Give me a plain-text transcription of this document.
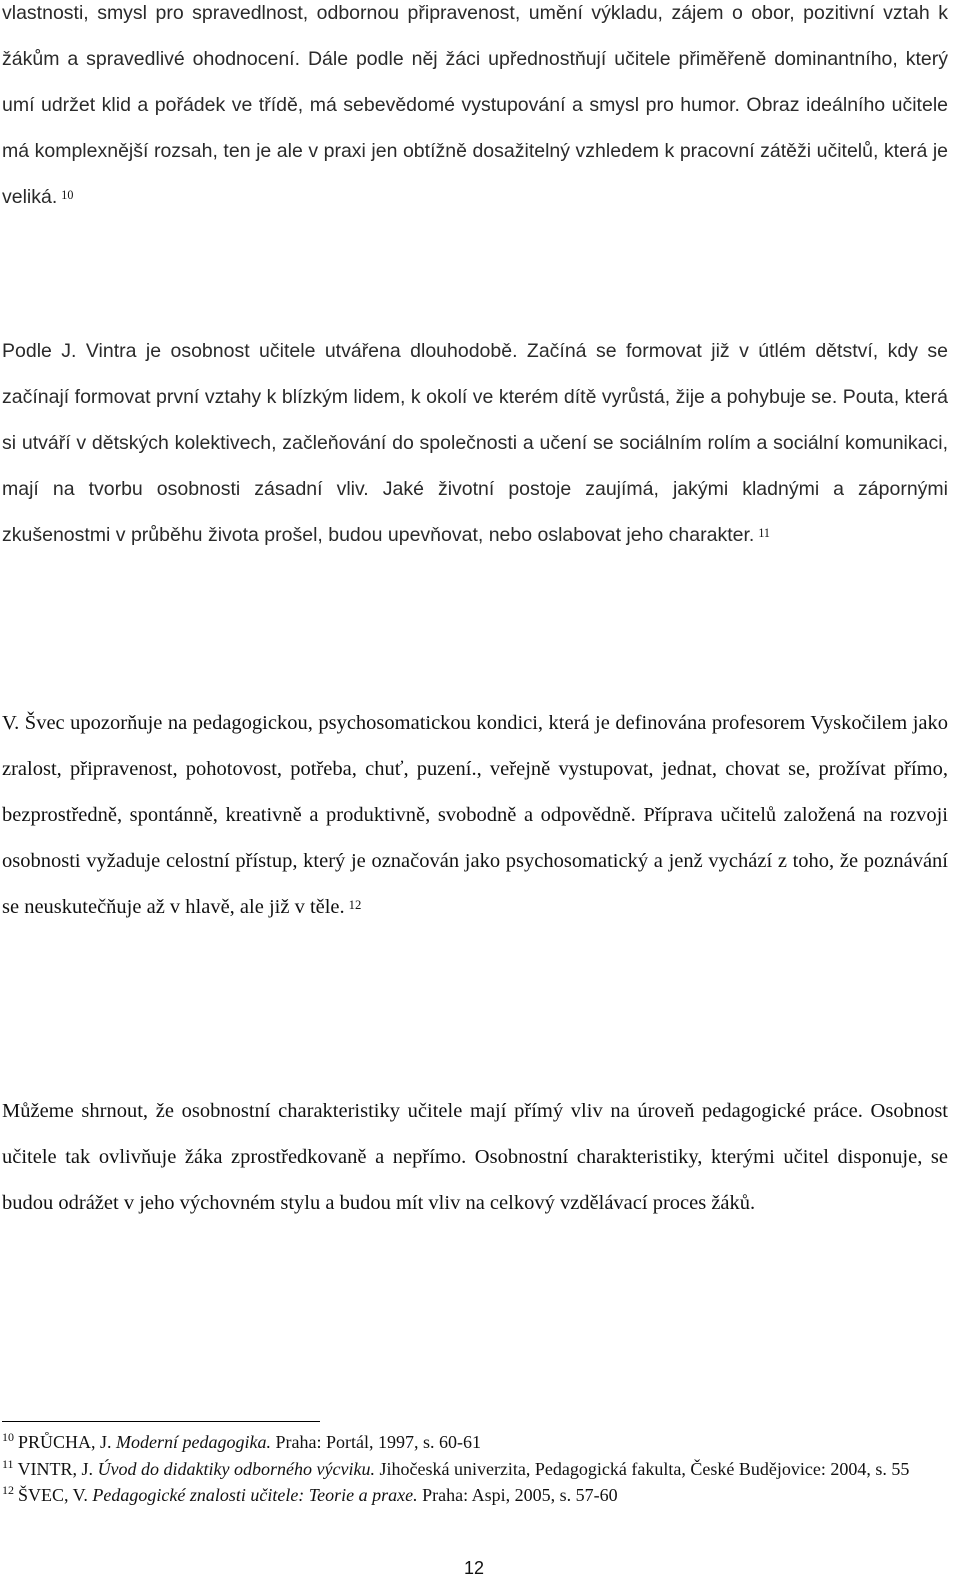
vlastnosti, smysl pro spravedlnost, odbornou připravenost, umění výkladu, zájem o obor, pozitivní vztah k žákům a spravedlivé ohodnocení. Dále podle něj žáci upřednostňují učitele přiměřeně dominantního, který umí udržet klid a pořádek ve třídě, má sebevědomé vystupování a smysl pro humor. Obraz ideálního učitele má komplexnější rozsah, ten je ale v praxi jen obtížně dosažitelný vzhledem k pracovní zátěži učitelů, která je veliká. $^{10}$

Podle J. Vintra je osobnost učitele utvářena dlouhodobě. Začíná se formovat již v útlém dětství, kdy se začínají formovat první vztahy k blízkým lidem, k okolí ve kterém dítě vyrůstá, žije a pohybuje se. Pouta, která si utváří v dětských kolektivech, začleňování do společnosti a učení se sociálním rolím a sociální komunikaci, mají na tvorbu osobnosti zásadní vliv. Jaké životní postoje zaujímá, jakými kladnými a zápornými zkušenostmi v průběhu života prošel, budou upevňovat, nebo oslabovat jeho charakter. $^{11}$

V. Švec upozorňuje na pedagogickou, psychosomatickou kondici, která je definována profesorem Vyskočilem jako zralost, připravenost, pohotovost, potřeba, chuť, puzení., veřejně vystupovat, jednat, chovat se, prožívat přímo, bezprostředně, spontánně, kreativně a produktivně, svobodně a odpovědně. Příprava učitelů založená na rozvoji osobnosti vyžaduje celostní přístup, který je označován jako psychosomatický a jenž vychází z toho, že poznávání se neuskutečňuje až v hlavě, ale již v těle. $^{12}$

Můžeme shrnout, že osobnostní charakteristiky učitele mají přímý vliv na úroveň pedagogické práce. Osobnost učitele tak ovlivňuje žáka zprostředkovaně a nepřímo. Osobnostní charakteristiky, kterými učitel disponuje, se budou odrážet v jeho výchovném stylu a budou mít vliv na celkový vzdělávací proces žáků.

$^{10}$ PRŮCHA, J. Moderní pedagogika. Praha: Portál, 1997, s. 60-61

$^{11}$ VINTR, J. Úvod do didaktiky odborného výcviku. Jihočeská univerzita, Pedagogická fakulta, České Budějovice: 2004, s. 55

$^{12}$ ŠVEC, V. Pedagogické znalosti učitele: Teorie a praxe. Praha: Aspi, 2005, s. 57-60

12
